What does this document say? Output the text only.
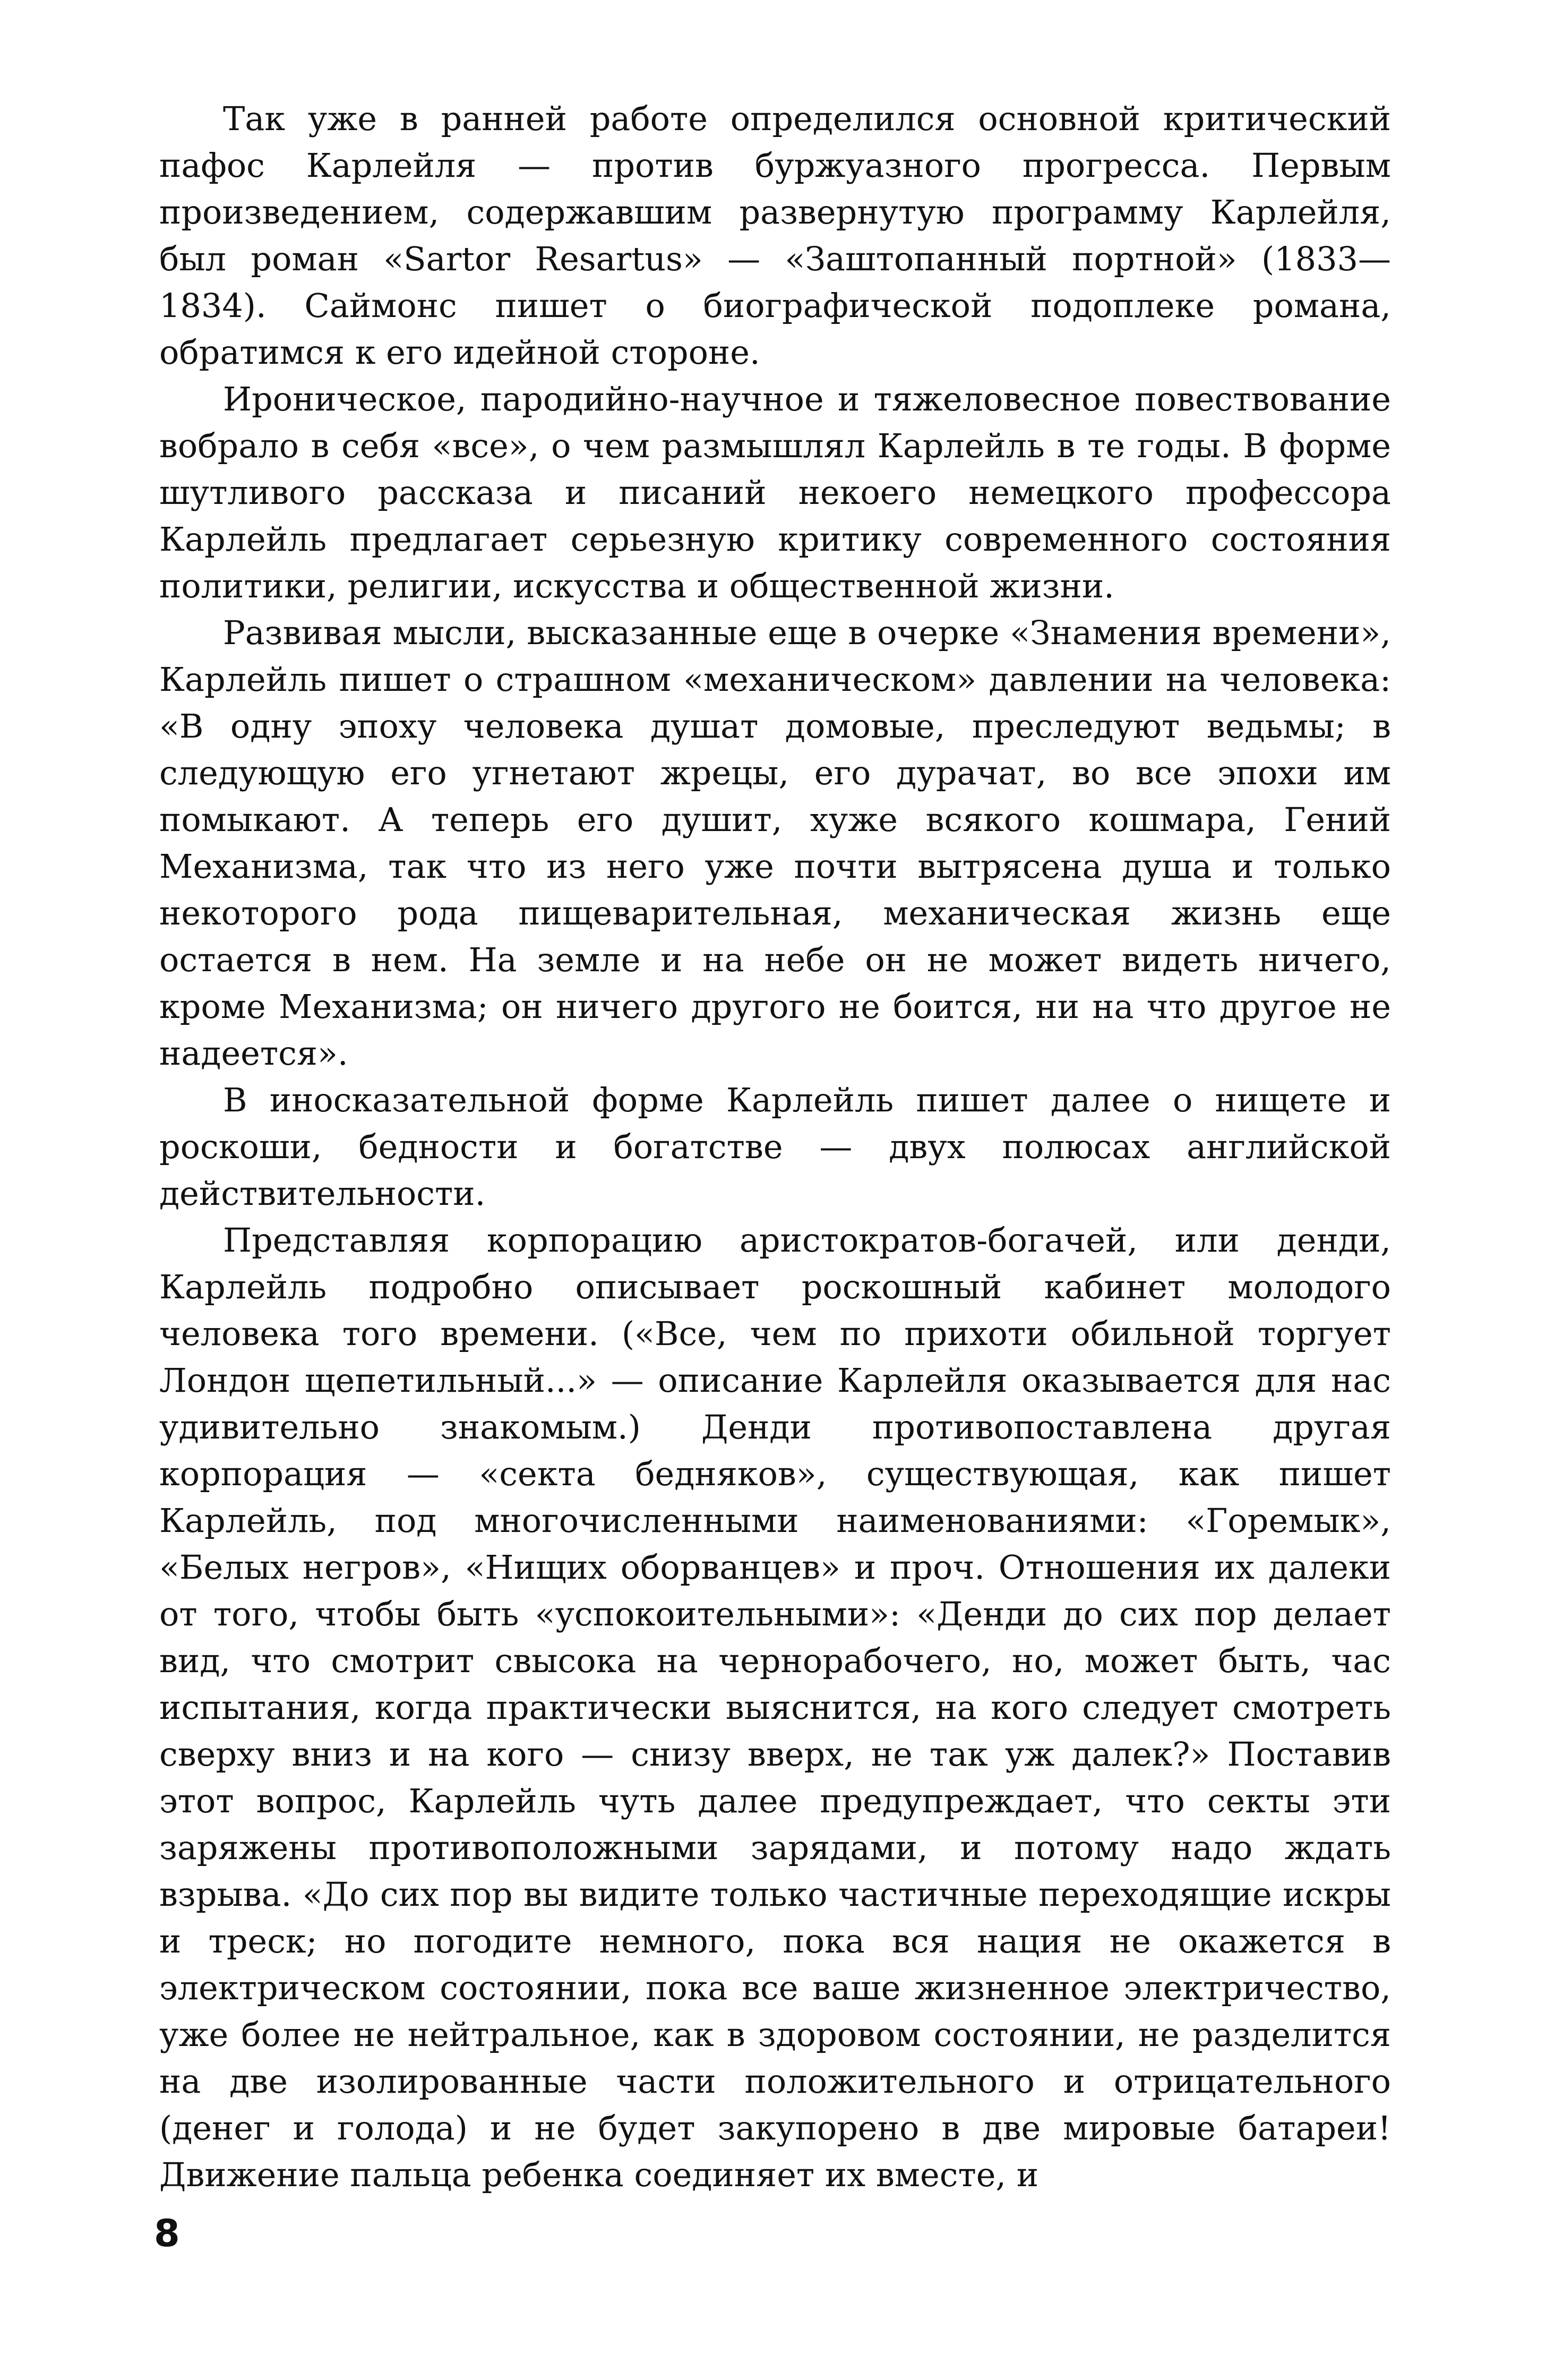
Так уже в ранней работе определился основной критический пафос Карлейля — против буржуазного прогресса. Первым произведением, содержавшим развернутую программу Карлейля, был роман «Sartor Resartus» — «Заштопанный портной» (1833—1834). Саймонс пишет о биографической подоплеке романа, обратимся к его идейной стороне.

Ироническое, пародийно-научное и тяжеловесное повествование вобрало в себя «все», о чем размышлял Карлейль в те годы. В форме шутливого рассказа и писаний некоего немецкого профессора Карлейль предлагает серьезную критику современного состояния политики, религии, искусства и общественной жизни.

Развивая мысли, высказанные еще в очерке «Знамения времени», Карлейль пишет о страшном «механическом» давлении на человека: «В одну эпоху человека душат домовые, преследуют ведьмы; в следующую его угнетают жрецы, его дурачат, во все эпохи им помыкают. А теперь его душит, хуже всякого кошмара, Гений Механизма, так что из него уже почти вытрясена душа и только некоторого рода пищеварительная, механическая жизнь еще остается в нем. На земле и на небе он не может видеть ничего, кроме Механизма; он ничего другого не боится, ни на что другое не надеется».

В иносказательной форме Карлейль пишет далее о нищете и роскоши, бедности и богатстве — двух полюсах английской действительности.

Представляя корпорацию аристократов-богачей, или денди, Карлейль подробно описывает роскошный кабинет молодого человека того времени. («Все, чем по прихоти обильной торгует Лондон щепетильный...» — описание Карлейля оказывается для нас удивительно знакомым.) Денди противопоставлена другая корпорация — «секта бедняков», существующая, как пишет Карлейль, под многочисленными наименованиями: «Горемык», «Белых негров», «Нищих оборванцев» и проч. Отношения их далеки от того, чтобы быть «успокоительными»: «Денди до сих пор делает вид, что смотрит свысока на чернорабочего, но, может быть, час испытания, когда практически выяснится, на кого следует смотреть сверху вниз и на кого — снизу вверх, не так уж далек?» Поставив этот вопрос, Карлейль чуть далее предупреждает, что секты эти заряжены противоположными зарядами, и потому надо ждать взрыва. «До сих пор вы видите только частичные переходящие искры и треск; но погодите немного, пока вся нация не окажется в электрическом состоянии, пока все ваше жизненное электричество, уже более не нейтральное, как в здоровом состоянии, не разделится на две изолированные части положительного и отрицательного (денег и голода) и не будет закупорено в две мировые батареи! Движение пальца ребенка соединяет их вместе, и

8
